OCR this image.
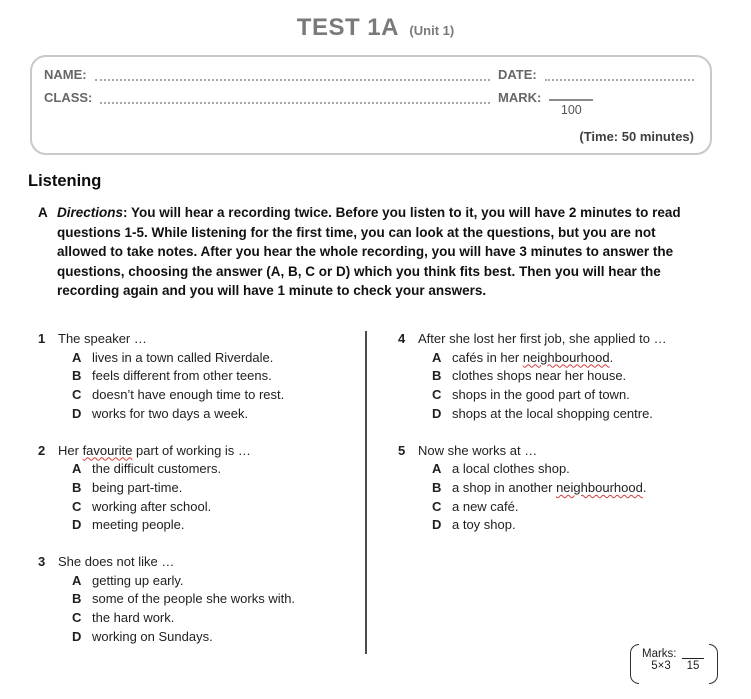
TEST 1A (Unit 1)
NAME:	DATE:
CLASS:	MARK:
100
(Time: 50 minutes)
Listening
A Directions: You will hear a recording twice. Before you listen to it, you will have 2 minutes to read questions 1-5. While listening for the first time, you can look at the questions, but you are not allowed to take notes. After you hear the whole recording, you will have 3 minutes to answer the questions, choosing the answer (A, B, C or D) which you think fits best. Then you will hear the recording again and you will have 1 minute to check your answers.

1 The speaker …
A lives in a town called Riverdale.
B feels different from other teens.
C doesn’t have enough time to rest.
D works for two days a week.
2 Her favourite part of working is …
A the difficult customers.
B being part-time.
C working after school.
D meeting people.
3 She does not like …
A getting up early.
B some of the people she works with.
C the hard work.
D working on Sundays.
4 After she lost her first job, she applied to …
A cafés in her neighbourhood.
B clothes shops near her house.
C shops in the good part of town.
D shops at the local shopping centre.
5 Now she works at …
A a local clothes shop.
B a shop in another neighbourhood.
C a new café.
D a toy shop.
Marks:
5×3	15
